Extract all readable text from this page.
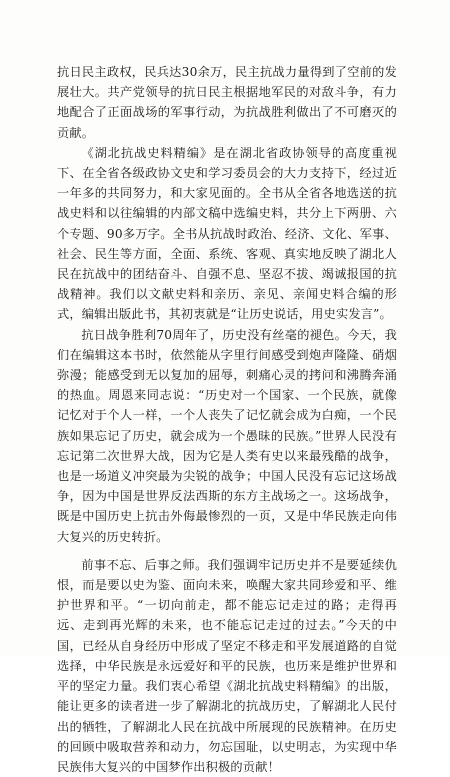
抗日民主政权，民兵达30余万，民主抗战力量得到了空前的发展壮大。共产党领导的抗日民主根据地军民的对敌斗争，有力地配合了正面战场的军事行动，为抗战胜利做出了不可磨灭的贡献。

《湖北抗战史料精编》是在湖北省政协领导的高度重视下、在全省各级政协文史和学习委员会的大力支持下，经过近一年多的共同努力，和大家见面的。全书从全省各地选送的抗战史料和以往编辑的内部文稿中选编史料，共分上下两册、六个专题、90多万字。全书从抗战时政治、经济、文化、军事、社会、民生等方面，全面、系统、客观、真实地反映了湖北人民在抗战中的团结奋斗、自强不息、坚忍不拔、竭诚报国的抗战精神。我们以文献史料和亲历、亲见、亲闻史料合编的形式，编辑出版此书，其初衷就是“让历史说话，用史实发言”。

抗日战争胜利70周年了，历史没有丝毫的褪色。今天，我们在编辑这本书时，依然能从字里行间感受到炮声隆隆、硝烟弥漫；能感受到无以复加的屈辱，刺痛心灵的拷问和沸腾奔涌的热血。周恩来同志说：“历史对一个国家、一个民族，就像记忆对于个人一样，一个人丧失了记忆就会成为白痴，一个民族如果忘记了历史，就会成为一个愚昧的民族。”世界人民没有忘记第二次世界大战，因为它是人类有史以来最残酷的战争，也是一场道义冲突最为尖锐的战争；中国人民没有忘记这场战争，因为中国是世界反法西斯的东方主战场之一。这场战争，既是中国历史上抗击外侮最惨烈的一页，又是中华民族走向伟大复兴的历史转折。

前事不忘、后事之师。我们强调牢记历史并不是要延续仇恨，而是要以史为鉴、面向未来，唤醒大家共同珍爱和平、维护世界和平。“一切向前走，都不能忘记走过的路；走得再远、走到再光辉的未来，也不能忘记走过的过去。”今天的中国，已经从自身经历中形成了坚定不移走和平发展道路的自觉选择，中华民族是永远爱好和平的民族，也历来是维护世界和平的坚定力量。我们衷心希望《湖北抗战史料精编》的出版，能让更多的读者进一步了解湖北的抗战历史，了解湖北人民付出的牺牲，了解湖北人民在抗战中所展现的民族精神。在历史的回顾中吸取营养和动力，勿忘国耻，以史明志，为实现中华民族伟大复兴的中国梦作出积极的贡献！
